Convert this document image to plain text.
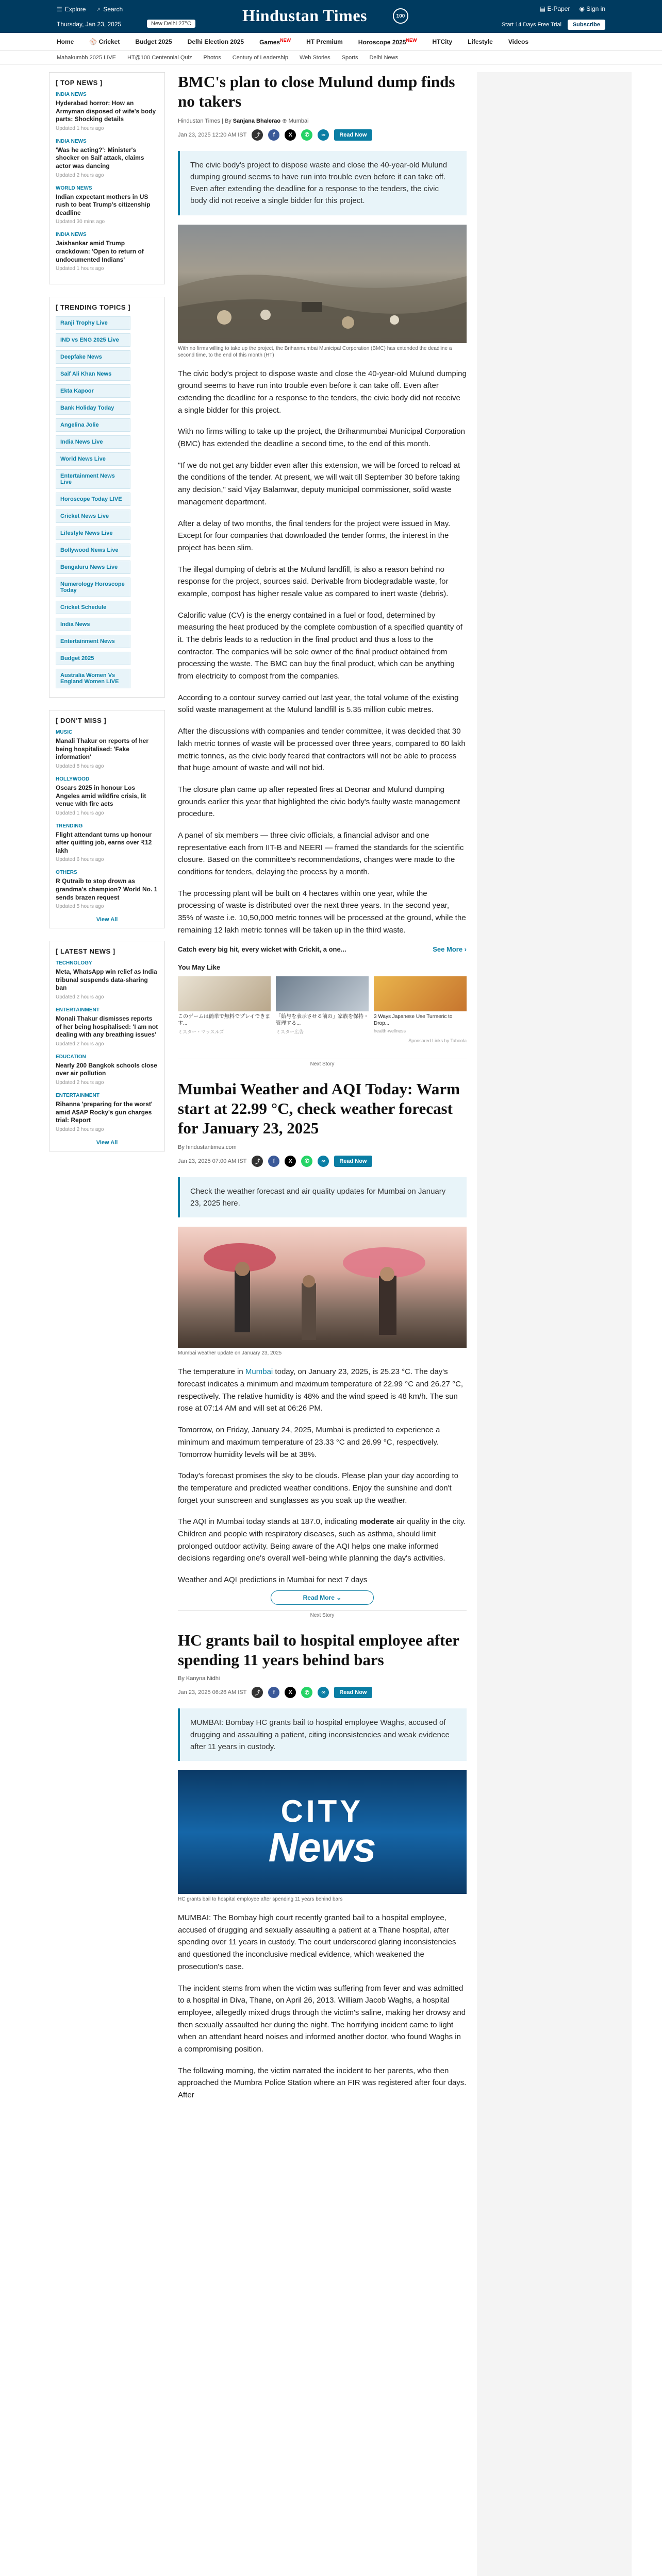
☰ Explore ⌕ Search
Thursday, Jan 23, 2025	New Delhi 27°C	Hindustan Times	100
▤ E-Paper ◉ Sign in
Start 14 Days Free Trial	Subscribe
Home	⚾ Cricket	Budget 2025	Delhi Election 2025	Games$^{NEW}$	HT Premium	Horoscope $2025^{NEW}$	HTCity	Lifestyle	Videos
Mahakumbh 2025 LIVE HT@100 Centennial Quiz Photos Century of Leadership Web Stories Sports Delhi News
[ TOP NEWS ]
INDIA NEWS
Hyderabad horror: How an Armyman disposed of wife's body parts: Shocking details
Updated 1 hours ago
INDIA NEWS
'Was he acting?': Minister's shocker on Saif attack, claims actor was dancing
Updated 2 hours ago
WORLD NEWS
Indian expectant mothers in US rush to beat Trump's citizenship deadline
Updated 30 mins ago
INDIA NEWS
Jaishankar amid Trump crackdown: 'Open to return of undocumented Indians'
Updated 1 hours ago
[ TRENDING TOPICS ]
Ranji Trophy Live
IND vs ENG 2025 Live
Deepfake News
Saif Ali Khan News
Ekta Kapoor
Bank Holiday Today
Angelina Jolie
India News Live
World News Live
Entertainment News Live
Horoscope Today LIVE
Cricket News Live
Lifestyle News Live
Bollywood News Live
Bengaluru News Live
Numerology Horoscope Today
Cricket Schedule
India News
Entertainment News
Budget 2025
Australia Women Vs England Women LIVE
[ DON'T MISS ]
MUSIC
Manali Thakur on reports of her being hospitalised: 'Fake information'
Updated 8 hours ago
HOLLYWOOD
Oscars 2025 in honour Los Angeles amid wildfire crisis, lit venue with fire acts
Updated 1 hours ago
TRENDING
Flight attendant turns up honour after quitting job, earns over ₹12 lakh
Updated 6 hours ago
OTHERS
R Qutraib to stop drown as grandma's champion? World No. 1 sends brazen request
Updated 5 hours ago
View All
[ LATEST NEWS ]
TECHNOLOGY
Meta, WhatsApp win relief as India tribunal suspends data-sharing ban
Updated 2 hours ago
ENTERTAINMENT
Monali Thakur dismisses reports of her being hospitalised: 'I am not dealing with any breathing issues'
Updated 2 hours ago
EDUCATION
Nearly 200 Bangkok schools close over air pollution
Updated 2 hours ago
ENTERTAINMENT
Rihanna 'preparing for the worst' amid A$AP Rocky's gun charges trial: Report
Updated 2 hours ago
View All
BMC's plan to close Mulund dump finds no takers
Hindustan Times | By Sanjana Bhalerao ⊕ Mumbai
Jan 23, 2025 12:20 AM IST	⤴	f	X	✆	∞	Read Now
The civic body's project to dispose waste and close the 40-year-old Mulund dumping ground seems to have run into trouble even before it can take off. Even after extending the deadline for a response to the tenders, the civic body did not receive a single bidder for this project.
With no firms willing to take up the project, the Brihanmumbai Municipal Corporation (BMC) has extended the deadline a second time, to the end of this month (HT)

The civic body's project to dispose waste and close the 40-year-old Mulund dumping ground seems to have run into trouble even before it can take off. Even after extending the deadline for a response to the tenders, the civic body did not receive a single bidder for this project.

With no firms willing to take up the project, the Brihanmumbai Municipal Corporation (BMC) has extended the deadline a second time, to the end of this month.

"If we do not get any bidder even after this extension, we will be forced to reload at the conditions of the tender. At present, we will wait till September 30 before taking any decision," said Vijay Balamwar, deputy municipal commissioner, solid waste management department.

After a delay of two months, the final tenders for the project were issued in May. Except for four companies that downloaded the tender forms, the interest in the project has been slim.

The illegal dumping of debris at the Mulund landfill, is also a reason behind no response for the project, sources said. Derivable from biodegradable waste, for example, compost has higher resale value as compared to inert waste (debris).

Calorific value (CV) is the energy contained in a fuel or food, determined by measuring the heat produced by the complete combustion of a specified quantity of it. The debris leads to a reduction in the final product and thus a loss to the contractor. The companies will be sole owner of the final product obtained from processing the waste. The BMC can buy the final product, which can be anything from electricity to compost from the companies.

According to a contour survey carried out last year, the total volume of the existing solid waste management at the Mulund landfill is 5.35 million cubic metres.

After the discussions with companies and tender committee, it was decided that 30 lakh metric tonnes of waste will be processed over three years, compared to 60 lakh metric tonnes, as the civic body feared that contractors will not be able to process that huge amount of waste and will not bid.

The closure plan came up after repeated fires at Deonar and Mulund dumping grounds earlier this year that highlighted the civic body's faulty waste management procedure.

A panel of six members — three civic officials, a financial advisor and one representative each from IIT-B and NEERI — framed the standards for the scientific closure. Based on the committee's recommendations, changes were made to the conditions for tenders, delaying the process by a month.

The processing plant will be built on 4 hectares within one year, while the processing of waste is distributed over the next three years. In the second year, 35% of waste i.e. 10,50,000 metric tonnes will be processed at the ground, while the remaining 12 lakh metric tonnes will be taken up in the third waste.

Catch every big hit, every wicket with Crickit, a one...	See More ›
You May Like
このゲームは簡単で無料でプレイできます...
ミスター・マッスルズ
「給与を表示させる前の」家族を保持・管理する...
ミスター広告
3 Ways Japanese Use Turmeric to Drop...
health-wellness
Sponsored Links by Taboola
Next Story
Mumbai Weather and AQI Today: Warm start at 22.99 °C, check weather forecast for January 23, 2025
By hindustantimes.com
Jan 23, 2025 07:00 AM IST	⤴	f	X	✆	∞	Read Now
Check the weather forecast and air quality updates for Mumbai on January 23, 2025 here.
Mumbai weather update on January 23, 2025

The temperature in Mumbai today, on January 23, 2025, is 25.23 °C. The day's forecast indicates a minimum and maximum temperature of 22.99 °C and 26.27 °C, respectively. The relative humidity is 48% and the wind speed is 48 km/h. The sun rose at 07:14 AM and will set at 06:26 PM.

Tomorrow, on Friday, January 24, 2025, Mumbai is predicted to experience a minimum and maximum temperature of 23.33 °C and 26.99 °C, respectively. Tomorrow humidity levels will be at 38%.

Today's forecast promises the sky to be clouds. Please plan your day according to the temperature and predicted weather conditions. Enjoy the sunshine and don't forget your sunscreen and sunglasses as you soak up the weather.

The AQI in Mumbai today stands at 187.0, indicating moderate air quality in the city. Children and people with respiratory diseases, such as asthma, should limit prolonged outdoor activity. Being aware of the AQI helps one make informed decisions regarding one's overall well-being while planning the day's activities.

Weather and AQI predictions in Mumbai for next 7 days

Read More ⌄
Next Story
HC grants bail to hospital employee after spending 11 years behind bars
By Kanyna Nidhi
Jan 23, 2025 06:26 AM IST	⤴	f	X	✆	∞	Read Now
MUMBAI: Bombay HC grants bail to hospital employee Waghs, accused of drugging and assaulting a patient, citing inconsistencies and weak evidence after 11 years in custody.
CITY
News
HC grants bail to hospital employee after spending 11 years behind bars

MUMBAI: The Bombay high court recently granted bail to a hospital employee, accused of drugging and sexually assaulting a patient at a Thane hospital, after spending over 11 years in custody. The court underscored glaring inconsistencies and questioned the inconclusive medical evidence, which weakened the prosecution's case.

The incident stems from when the victim was suffering from fever and was admitted to a hospital in Diva, Thane, on April 26, 2013. William Jacob Waghs, a hospital employee, allegedly mixed drugs through the victim's saline, making her drowsy and then sexually assaulted her during the night. The horrifying incident came to light when an attendant heard noises and informed another doctor, who found Waghs in a compromising position.

The following morning, the victim narrated the incident to her parents, who then approached the Mumbra Police Station where an FIR was registered after four days. After
